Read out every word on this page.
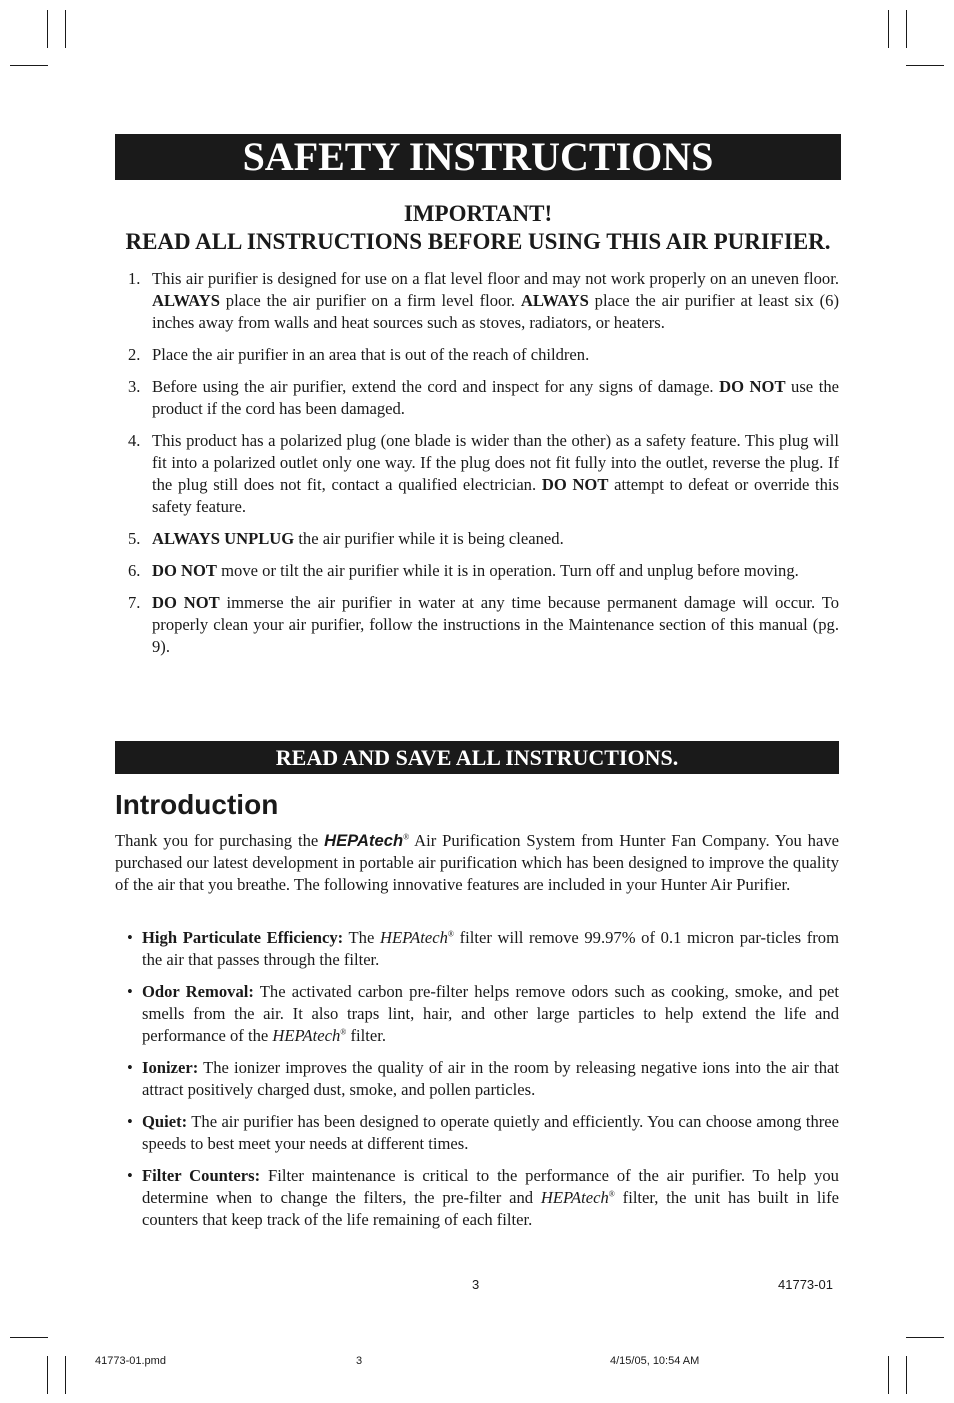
SAFETY INSTRUCTIONS
IMPORTANT!
READ ALL INSTRUCTIONS BEFORE USING THIS AIR PURIFIER.
1. This air purifier is designed for use on a flat level floor and may not work properly on an uneven floor. ALWAYS place the air purifier on a firm level floor. ALWAYS place the air purifier at least six (6) inches away from walls and heat sources such as stoves, radiators, or heaters.
2. Place the air purifier in an area that is out of the reach of children.
3. Before using the air purifier, extend the cord and inspect for any signs of damage. DO NOT use the product if the cord has been damaged.
4. This product has a polarized plug (one blade is wider than the other) as a safety feature. This plug will fit into a polarized outlet only one way. If the plug does not fit fully into the outlet, reverse the plug. If the plug still does not fit, contact a qualified electrician. DO NOT attempt to defeat or override this safety feature.
5. ALWAYS UNPLUG the air purifier while it is being cleaned.
6. DO NOT move or tilt the air purifier while it is in operation. Turn off and unplug before moving.
7. DO NOT immerse the air purifier in water at any time because permanent damage will occur. To properly clean your air purifier, follow the instructions in the Maintenance section of this manual (pg. 9).
READ AND SAVE ALL INSTRUCTIONS.
Introduction

Thank you for purchasing the HEPAtech® Air Purification System from Hunter Fan Company. You have purchased our latest development in portable air purification which has been designed to improve the quality of the air that you breathe. The following innovative features are included in your Hunter Air Purifier.

• High Particulate Efficiency: The HEPAtech® filter will remove 99.97% of 0.1 micron par-ticles from the air that passes through the filter.
• Odor Removal: The activated carbon pre-filter helps remove odors such as cooking, smoke, and pet smells from the air. It also traps lint, hair, and other large particles to help extend the life and performance of the HEPAtech® filter.
• Ionizer: The ionizer improves the quality of air in the room by releasing negative ions into the air that attract positively charged dust, smoke, and pollen particles.
• Quiet: The air purifier has been designed to operate quietly and efficiently. You can choose among three speeds to best meet your needs at different times.
• Filter Counters: Filter maintenance is critical to the performance of the air purifier. To help you determine when to change the filters, the pre-filter and HEPAtech® filter, the unit has built in life counters that keep track of the life remaining of each filter.
3	41773-01
41773-01.pmd	3	4/15/05, 10:54 AM
